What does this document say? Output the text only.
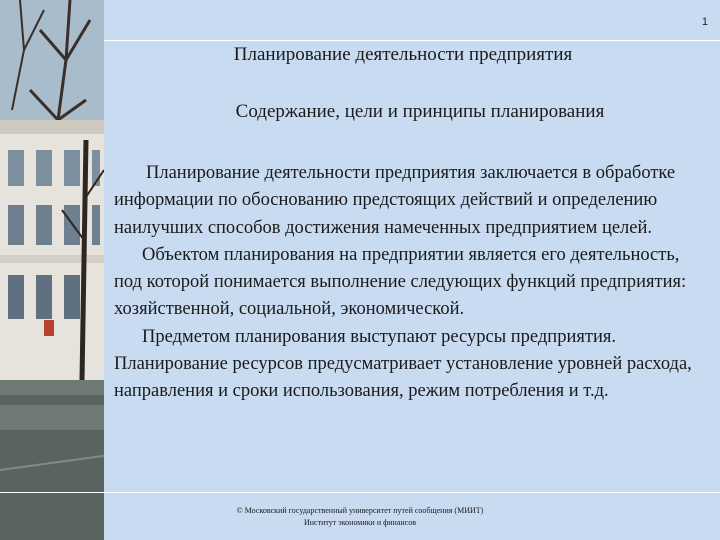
1
Планирование деятельности предприятия
Содержание, цели и принципы планирования

Планирование деятельности предприятия заключается в обработке информации по обоснованию предстоящих действий и определению наилучших способов достижения намеченных предприятием целей.

Объектом планирования на предприятии является его деятельность, под которой понимается выполнение следующих функций предприятия: хозяйственной, социальной, экономической.

Предметом планирования выступают ресурсы предприятия. Планирование ресурсов предусматривает установление уровней расхода, направления и сроки использования, режим потребления и т.д.

© Московский государственный университет путей сообщения (МИИТ)
Институт экономики и финансов
